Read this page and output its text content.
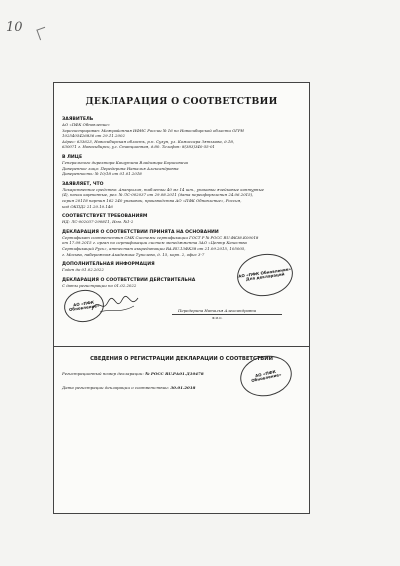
10
ДЕКЛАРАЦИЯ О СООТВЕТСТВИИ
ЗАЯВИТЕЛЬ
АО «ПФК Обновление»
Зарегистрирован: Межрайонная ИФНС России № 16 по Новосибирской области ОГРН
1025405426836 от 29.11.2002
Адрес: 633623, Новосибирская область, р.п. Сузун, ул. Комиссара Зятькова, д.18,
630071 г. Новосибирск, ул. Станционная, д.80. Телефон: 8(383)340-55-01
В ЛИЦЕ
Генерального директора Кашутина Владимира Борисовича
Доверенное лицо: Передерина Наталья Александровна
Доверенность: № 10/18 от 01.01.2018
ЗАЯВЛЯЕТ, ЧТО
Лекарственное средство: Анаприлин, таблетки 40 мг 14 шт., упаковки ячейковые контурные
(4), пачки картонные, рег. № ЛС-002037 от 29.08.2011 (дата переоформления 24.06.2015),
серия 20118 партия 162 240 упаковок, производства АО «ПФК Обновление», Россия,
код ОКПД2 21.20.10.146
СООТВЕТСТВУЕТ ТРЕБОВАНИЯМ
НД: ЛС-002037-290811, Изм. №1-2
ДЕКЛАРАЦИЯ О СООТВЕТСТВИИ ПРИНЯТА НА ОСНОВАНИИ
Сертификат соответствия СМК Системы сертификации ГОСТ Р № РОСС RU.ФК38.К00018
от 17.09.2015 г. орган по сертификации систем менеджмента ЗАО «Центр Качества
Сертификаций Русь», аттестат аккредитации RA.RU.13ФК38 от 21.09.2015, 105005,
г. Москва, набережная Академика Туполева, д. 15, корп. 2, офис 3-7
ДОПОЛНИТЕЛЬНАЯ ИНФОРМАЦИЯ
Годен до 01.02.2022
ДЕКЛАРАЦИЯ О СООТВЕТСТВИИ ДЕЙСТВИТЕЛЬНА
С даты регистрации по 01.02.2022
АО «ПФК Обновление» Для деклараций
АО «ПФК Обновление»	Передерина Наталья Александровна
Ф.И.О.
СВЕДЕНИЯ О РЕГИСТРАЦИИ ДЕКЛАРАЦИИ О СООТВЕТСТВИИ
АО «ПФК Обновление»
Регистрационный номер декларации: № РОСС RU.РА01.Д10478
Дата регистрации декларации о соответствии: 30.01.2018
